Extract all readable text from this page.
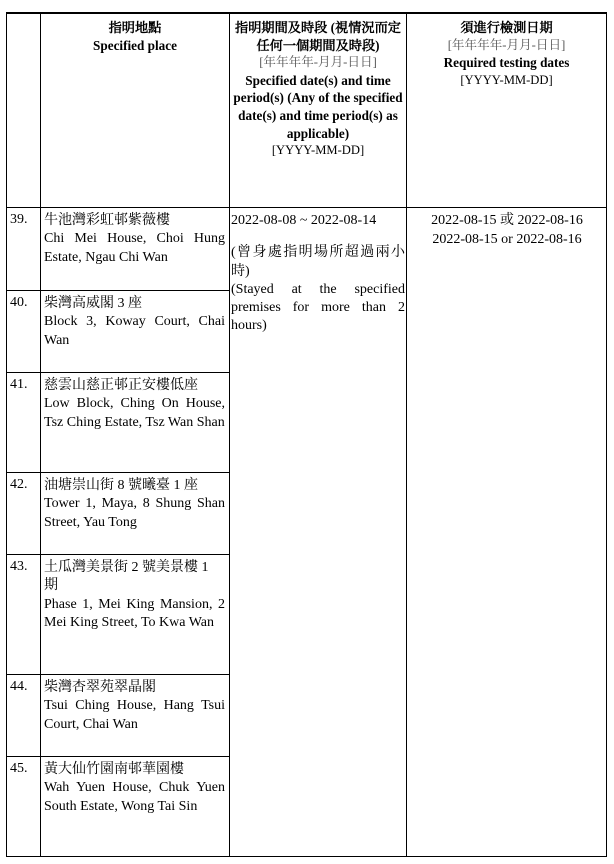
指明地點
Specified place
指明期間及時段 (視情況而定任何一個期間及時段)
[年年年年-月月-日日]
Specified date(s) and time period(s) (Any of the specified date(s) and time period(s) as applicable)
[YYYY-MM-DD]
須進行檢測日期
[年年年年-月月-日日]
Required testing dates
[YYYY-MM-DD]
39.	牛池灣彩虹邨紫薇樓
Chi Mei House, Choi Hung Estate, Ngau Chi Wan
40.	柴灣高威閣 3 座
Block 3, Koway Court, Chai Wan
41.	慈雲山慈正邨正安樓低座
Low Block, Ching On House, Tsz Ching Estate, Tsz Wan Shan
42.	油塘崇山街 8 號曦臺 1 座
Tower 1, Maya, 8 Shung Shan Street, Yau Tong
43.	土瓜灣美景街 2 號美景樓 1 期
Phase 1, Mei King Mansion, 2 Mei King Street, To Kwa Wan
44.	柴灣杏翠苑翠晶閣
Tsui Ching House, Hang Tsui Court, Chai Wan
45.	黃大仙竹園南邨華園樓
Wah Yuen House, Chuk Yuen South Estate, Wong Tai Sin

2022-08-08 ~ 2022-08-14

(曾身處指明場所超過兩小時)

(Stayed at the specified premises for more than 2 hours)

2022-08-15 或 2022-08-16
2022-08-15 or 2022-08-16
